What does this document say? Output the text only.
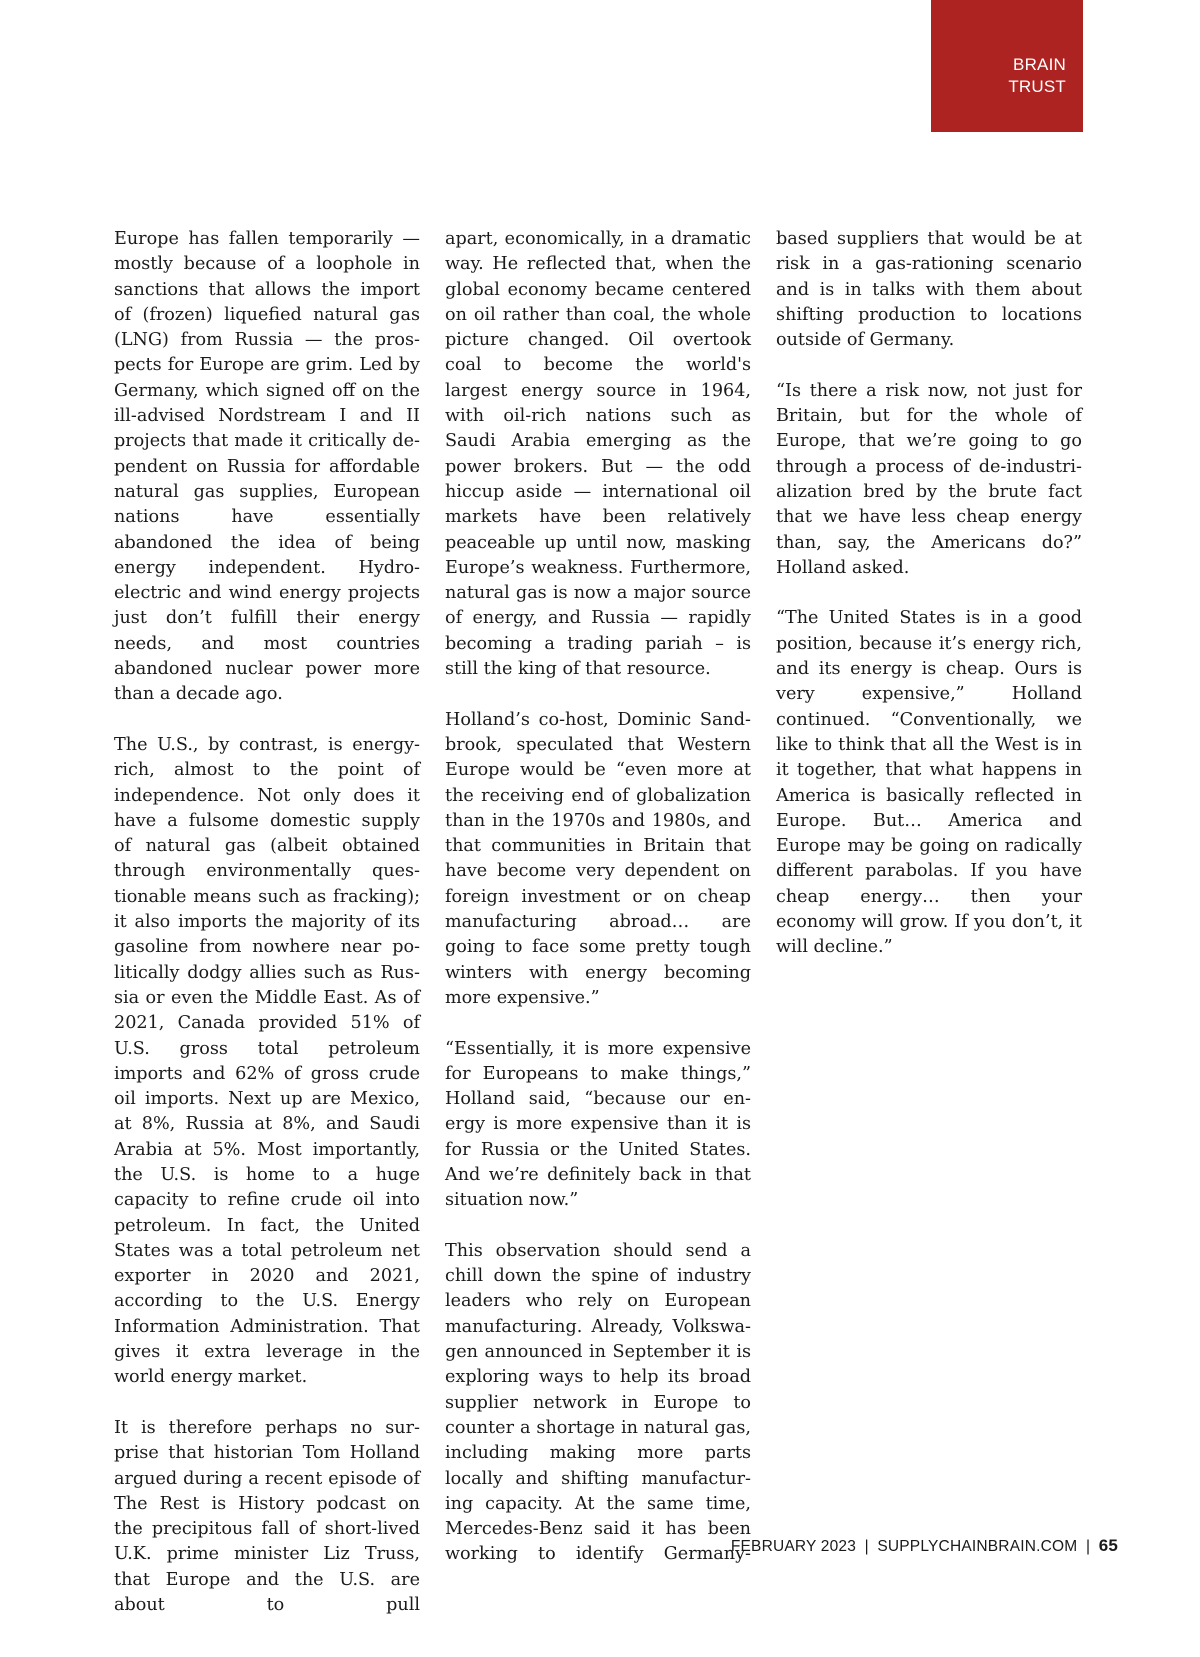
BRAIN
TRUST

Europe has fallen temporarily — mostly because of a loophole in sanctions that allows the import of (frozen) liquefied natural gas (LNG) from Russia — the prospects for Europe are grim. Led by Germany, which signed off on the ill-advised Nordstream I and II projects that made it critically dependent on Russia for affordable natural gas supplies, European nations have essentially abandoned the idea of being energy independent. Hydro-electric and wind energy projects just don’t fulfill their energy needs, and most countries abandoned nuclear power more than a decade ago.

The U.S., by contrast, is energy-rich, almost to the point of independence. Not only does it have a fulsome domestic supply of natural gas (albeit obtained through environmentally questionable means such as fracking); it also imports the majority of its gasoline from nowhere near politically dodgy allies such as Russia or even the Middle East. As of 2021, Canada provided 51% of U.S. gross total petroleum imports and 62% of gross crude oil imports. Next up are Mexico, at 8%, Russia at 8%, and Saudi Arabia at 5%. Most importantly, the U.S. is home to a huge capacity to refine crude oil into petroleum. In fact, the United States was a total petroleum net exporter in 2020 and 2021, according to the U.S. Energy Information Administration. That gives it extra leverage in the world energy market.

It is therefore perhaps no surprise that historian Tom Holland argued during a recent episode of The Rest is History podcast on the precipitous fall of short-lived U.K. prime minister Liz Truss, that Europe and the U.S. are about to pull

apart, economically, in a dramatic way. He reflected that, when the global economy became centered on oil rather than coal, the whole picture changed. Oil overtook coal to become the world's largest energy source in 1964, with oil-rich nations such as Saudi Arabia emerging as the power brokers. But — the odd hiccup aside — international oil markets have been relatively peaceable up until now, masking Europe’s weakness. Furthermore, natural gas is now a major source of energy, and Russia — rapidly becoming a trading pariah – is still the king of that resource.

Holland’s co-host, Dominic Sandbrook, speculated that Western Europe would be “even more at the receiving end of globalization than in the 1970s and 1980s, and that communities in Britain that have become very dependent on foreign investment or on cheap manufacturing abroad… are going to face some pretty tough winters with energy becoming more expensive.”

“Essentially, it is more expensive for Europeans to make things,” Holland said, “because our energy is more expensive than it is for Russia or the United States. And we’re definitely back in that situation now.”

This observation should send a chill down the spine of industry leaders who rely on European manufacturing. Already, Volkswagen announced in September it is exploring ways to help its broad supplier network in Europe to counter a shortage in natural gas, including making more parts locally and shifting manufacturing capacity. At the same time, Mercedes-Benz said it has been working to identify Germany-

based suppliers that would be at risk in a gas-rationing scenario and is in talks with them about shifting production to locations outside of Germany.

“Is there a risk now, not just for Britain, but for the whole of Europe, that we’re going to go through a process of de-industrialization bred by the brute fact that we have less cheap energy than, say, the Americans do?” Holland asked.

“The United States is in a good position, because it’s energy rich, and its energy is cheap. Ours is very expensive,” Holland continued. “Conventionally, we like to think that all the West is in it together, that what happens in America is basically reflected in Europe. But… America and Europe may be going on radically different parabolas. If you have cheap energy… then your economy will grow. If you don’t, it will decline.”

FEBRUARY 2023 | SUPPLYCHAINBRAIN.COM | 65
